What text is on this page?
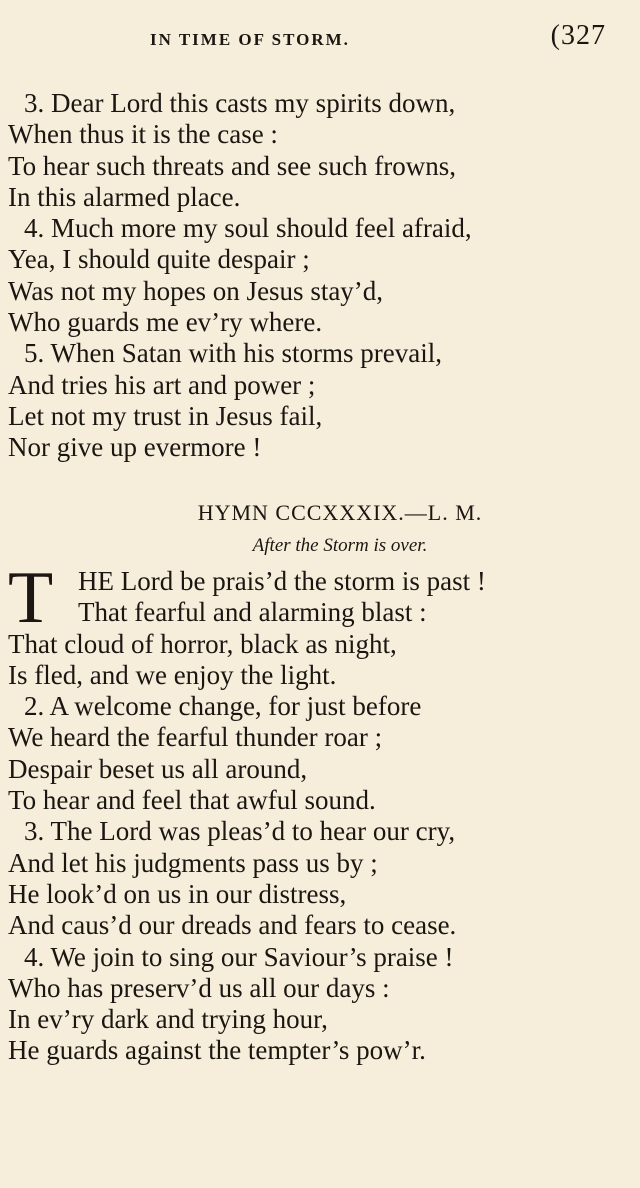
IN TIME OF STORM.	(327
3. Dear Lord this casts my spirits down,
When thus it is the case :
To hear such threats and see such frowns,
In this alarmed place.
4. Much more my soul should feel afraid,
Yea, I should quite despair ;
Was not my hopes on Jesus stay’d,
Who guards me ev’ry where.
5. When Satan with his storms prevail,
And tries his art and power ;
Let not my trust in Jesus fail,
Nor give up evermore !
HYMN CCCXXXIX.—L. M.
After the Storm is over.
T HE Lord be prais’d the storm is past !
That fearful and alarming blast :
That cloud of horror, black as night,
Is fled, and we enjoy the light.
2. A welcome change, for just before
We heard the fearful thunder roar ;
Despair beset us all around,
To hear and feel that awful sound.
3. The Lord was pleas’d to hear our cry,
And let his judgments pass us by ;
He look’d on us in our distress,
And caus’d our dreads and fears to cease.
4. We join to sing our Saviour’s praise !
Who has preserv’d us all our days :
In ev’ry dark and trying hour,
He guards against the tempter’s pow’r.
